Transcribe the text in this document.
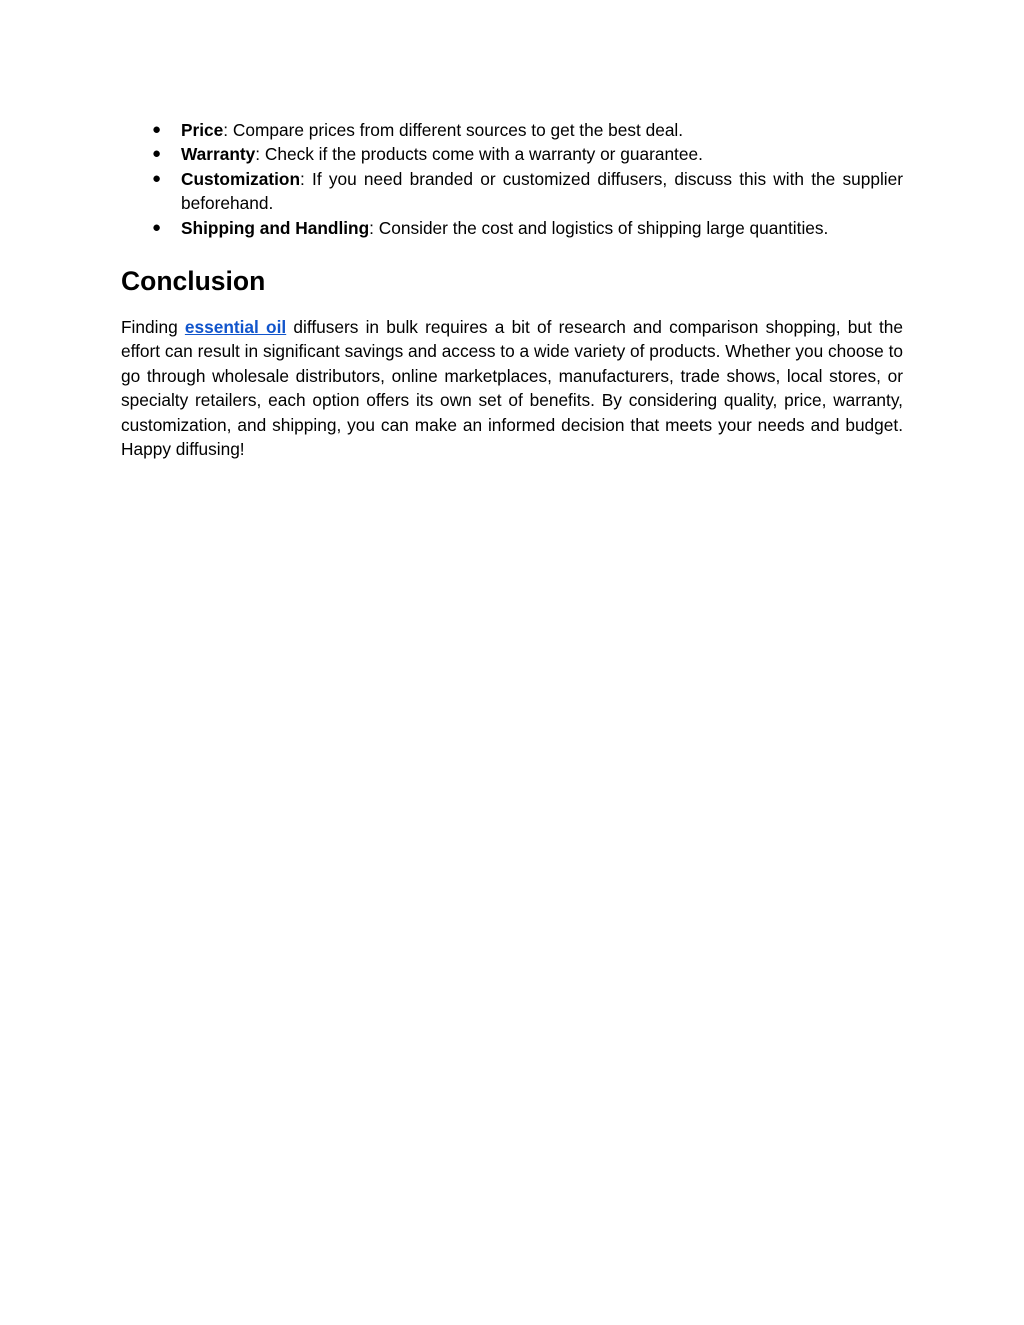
● Price: Compare prices from different sources to get the best deal.
● Warranty: Check if the products come with a warranty or guarantee.
● Customization: If you need branded or customized diffusers, discuss this with the supplier beforehand.
● Shipping and Handling: Consider the cost and logistics of shipping large quantities.
Conclusion

Finding essential oil diffusers in bulk requires a bit of research and comparison shopping, but the effort can result in significant savings and access to a wide variety of products. Whether you choose to go through wholesale distributors, online marketplaces, manufacturers, trade shows, local stores, or specialty retailers, each option offers its own set of benefits. By considering quality, price, warranty, customization, and shipping, you can make an informed decision that meets your needs and budget. Happy diffusing!
